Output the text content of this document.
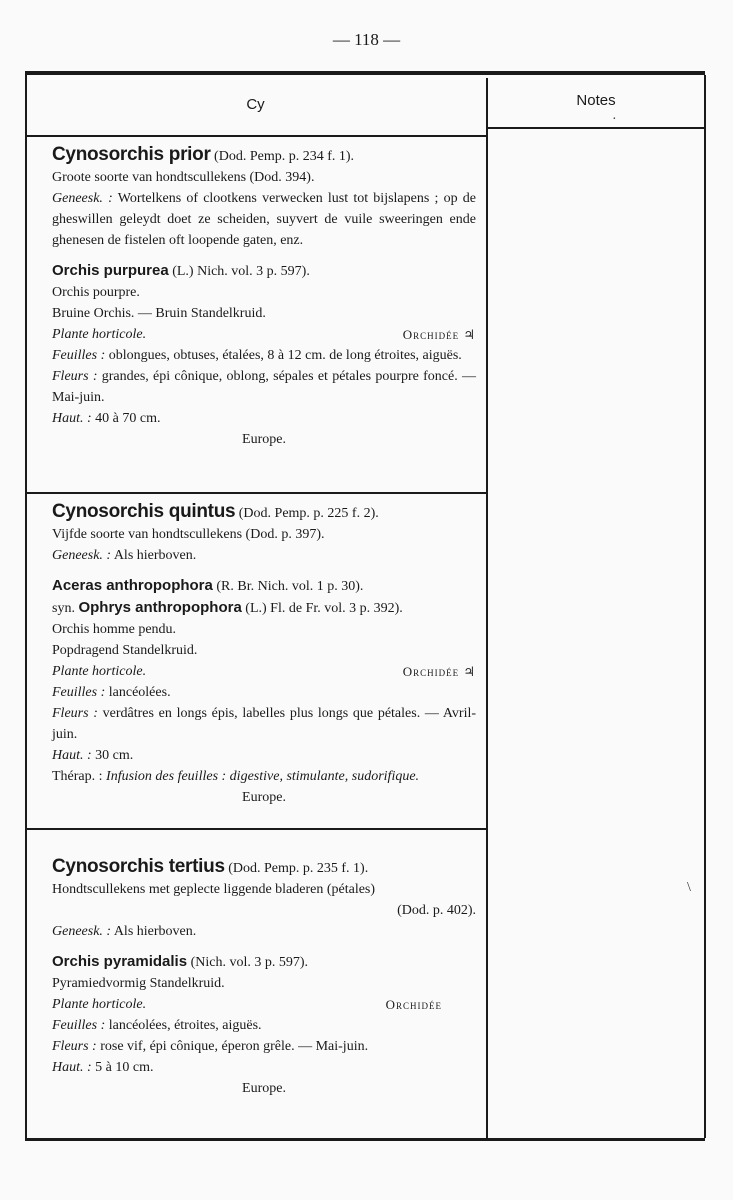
— 118 —
Cy	Notes
·
\

Cynosorchis prior (Dod. Pemp. p. 234 f. 1).

Groote soorte van hondtscullekens (Dod. 394).

Geneesk. : Wortelkens of clootkens verwecken lust tot bijslapens ; op de gheswillen geleydt doet ze scheiden, suyvert de vuile sweeringen ende ghenesen de fistelen oft loopende gaten, enz.

Orchis purpurea (L.) Nich. vol. 3 p. 597).

Orchis pourpre.

Bruine Orchis. — Bruin Standelkruid.

Plante horticole.	Orchidée ♃

Feuilles : oblongues, obtuses, étalées, 8 à 12 cm. de long étroites, aiguës.

Fleurs : grandes, épi cônique, oblong, sépales et pétales pourpre foncé. — Mai-juin.

Haut. : 40 à 70 cm.

Europe.

Cynosorchis quintus (Dod. Pemp. p. 225 f. 2).

Vijfde soorte van hondtscullekens (Dod. p. 397).

Geneesk. : Als hierboven.

Aceras anthropophora (R. Br. Nich. vol. 1 p. 30).

syn. Ophrys anthropophora (L.) Fl. de Fr. vol. 3 p. 392).

Orchis homme pendu.

Popdragend Standelkruid.

Plante horticole.	Orchidée ♃

Feuilles : lancéolées.

Fleurs : verdâtres en longs épis, labelles plus longs que pétales. — Avril-juin.

Haut. : 30 cm.

Thérap. : Infusion des feuilles : digestive, stimulante, sudorifique.

Europe.

Cynosorchis tertius (Dod. Pemp. p. 235 f. 1).

Hondtscullekens met geplecte liggende bladeren (pétales)

(Dod. p. 402).

Geneesk. : Als hierboven.

Orchis pyramidalis (Nich. vol. 3 p. 597).

Pyramiedvormig Standelkruid.

Plante horticole.	Orchidée

Feuilles : lancéolées, étroites, aiguës.

Fleurs : rose vif, épi cônique, éperon grêle. — Mai-juin.

Haut. : 5 à 10 cm.

Europe.
